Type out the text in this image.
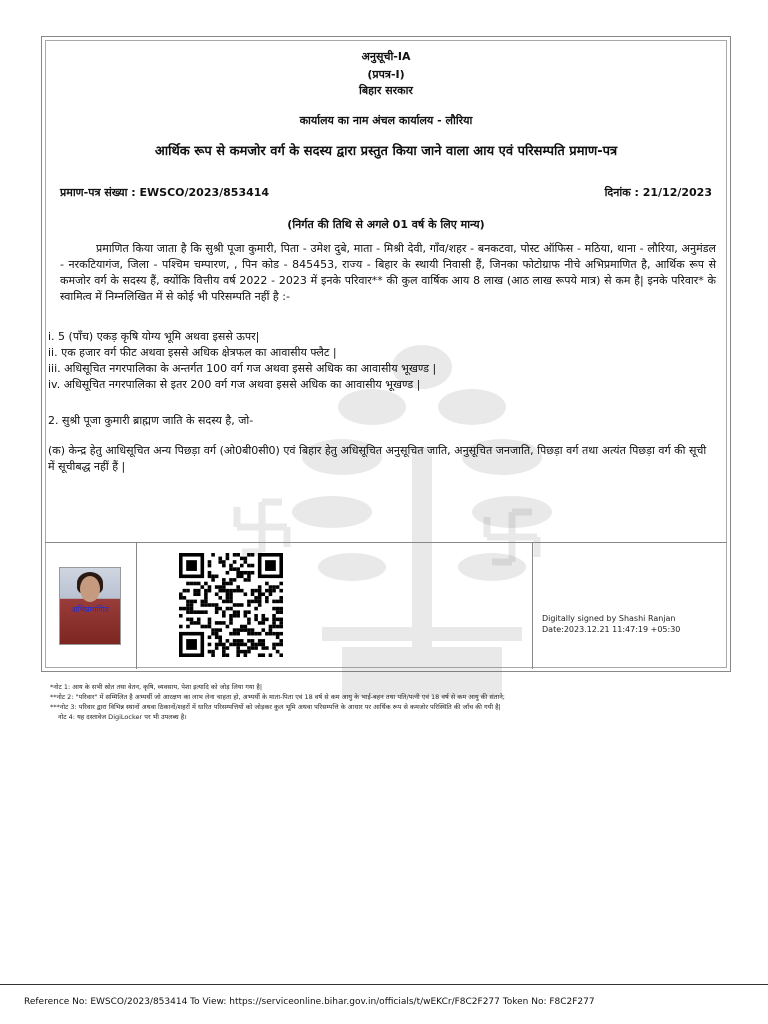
अनुसूची-IA
(प्रपत्र-I)
बिहार सरकार
कार्यालय का नाम अंचल कार्यालय - लौरिया
आर्थिक रूप से कमजोर वर्ग के सदस्य द्वारा प्रस्तुत किया जाने वाला आय एवं परिसम्पति प्रमाण-पत्र
प्रमाण-पत्र संख्या : EWSCO/2023/853414	दिनांक : 21/12/2023
(निर्गत की तिथि से अगले 01 वर्ष के लिए मान्य)
प्रमाणित किया जाता है कि सुश्री पूजा कुमारी, पिता - उमेश दुबे, माता - मिश्री देवी, गाँव/शहर - बनकटवा, पोस्ट ऑफिस - मठिया, थाना - लौरिया, अनुमंडल - नरकटियागंज, जिला - पश्चिम चम्पारण, , पिन कोड - 845453, राज्य - बिहार के स्थायी निवासी हैं, जिनका फोटोग्राफ नीचे अभिप्रमाणित है, आर्थिक रूप से कमजोर वर्ग के सदस्य हैं, क्योंकि वित्तीय वर्ष 2022 - 2023 में इनके परिवार** की कुल वार्षिक आय 8 लाख (आठ लाख रूपये मात्र) से कम है| इनके परिवार* के स्वामित्व में निम्नलिखित में से कोई भी परिसम्पति नहीं है :-
i. 5 (पाँच) एकड़ कृषि योग्य भूमि अथवा इससे ऊपर|
ii. एक हजार वर्ग फीट अथवा इससे अधिक क्षेत्रफल का आवासीय फ्लैट |
iii. अधिसूचित नगरपालिका के अन्तर्गत 100 वर्ग गज अथवा इससे अधिक का आवासीय भूखण्ड |
iv. अधिसूचित नगरपालिका से इतर 200 वर्ग गज अथवा इससे अधिक का आवासीय भूखण्ड |
2. सुश्री पूजा कुमारी ब्राह्मण जाति के सदस्य है, जो-
(क) केन्द्र हेतु आधिसूचित अन्य पिछड़ा वर्ग (ओ0बी0सी0) एवं बिहार हेतु अधिसूचित अनुसूचित जाति, अनुसूचित जनजाति, पिछड़ा वर्ग तथा अत्यंत पिछड़ा वर्ग की सूची में सूचीबद्ध नहीं हैं |
अभिप्रमाणित
Digitally signed by Shashi Ranjan
Date:2023.12.21 11:47:19 +05:30
*नोट 1: आय के सभी स्रोत तथा वेतन, कृषि, व्यवसाय, पेशा इत्यादि को जोड़ लिया गया है|
**नोट 2: "परिवार" में सम्मिलित है अभ्यर्थी जो आरक्षण का लाभ लेना चाहता हो, अभ्यर्थी के माता-पिता एवं 18 वर्ष से कम आयु के भाई-बहन तथा पति/पत्नी एवं 18 वर्ष से कम आयु की संताने;
***नोट 3: परिवार द्वारा विभिन्न स्थानों अथवा ठिकानों/शहरों में धारित परिसम्पत्तियों को जोड़कर कुल भूमि अथवा परिसम्पत्ति के आधार पर आर्थिक रूप से कमजोर परिस्थिति की जाँच की गयी है|
नोट 4: यह दस्तावेज DigiLocker पर भी उपलब्ध है।
Reference No: EWSCO/2023/853414 To View: https://serviceonline.bihar.gov.in/officials/t/wEKCr/F8C2F277 Token No: F8C2F277
